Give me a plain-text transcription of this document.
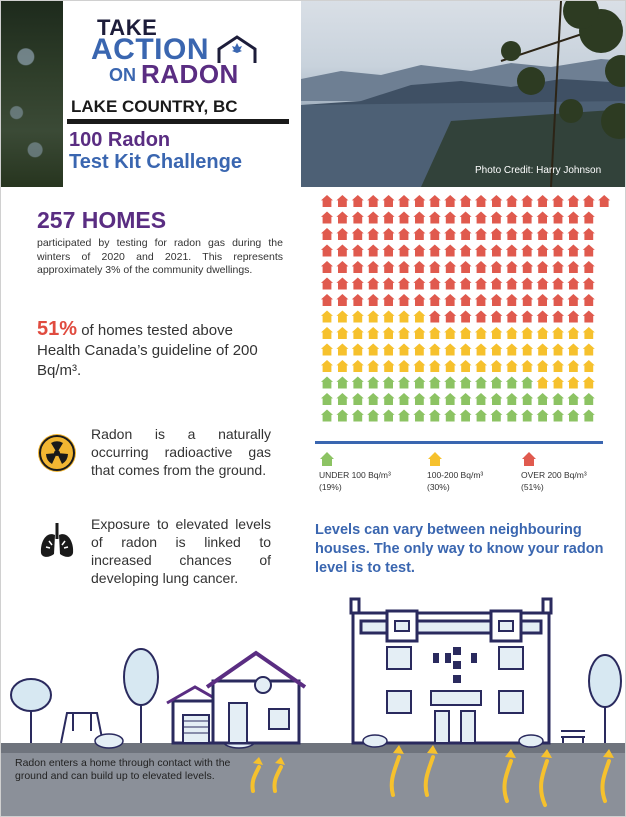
TAKE
ACTION
ON RADON
LAKE COUNTRY, BC
100 Radon
Test Kit Challenge	Photo Credit: Harry Johnson
257 HOMES
participated by testing for radon gas during the winters of 2020 and 2021. This represents approximately 3% of the community dwellings.
51% of homes tested above Health Canada’s guideline of 200 Bq/m³.
Radon is a naturally occurring radioactive gas that comes from the ground.
Exposure to elevated levels of radon is linked to increased chances of developing lung cancer.
UNDER 100 Bq/m³
(19%)
100-200 Bq/m³
(30%)
OVER 200 Bq/m³
(51%)
Levels can vary between neighbouring houses. The only way to know your radon level is to test.
Radon enters a home through contact with the ground and can build up to elevated levels.
